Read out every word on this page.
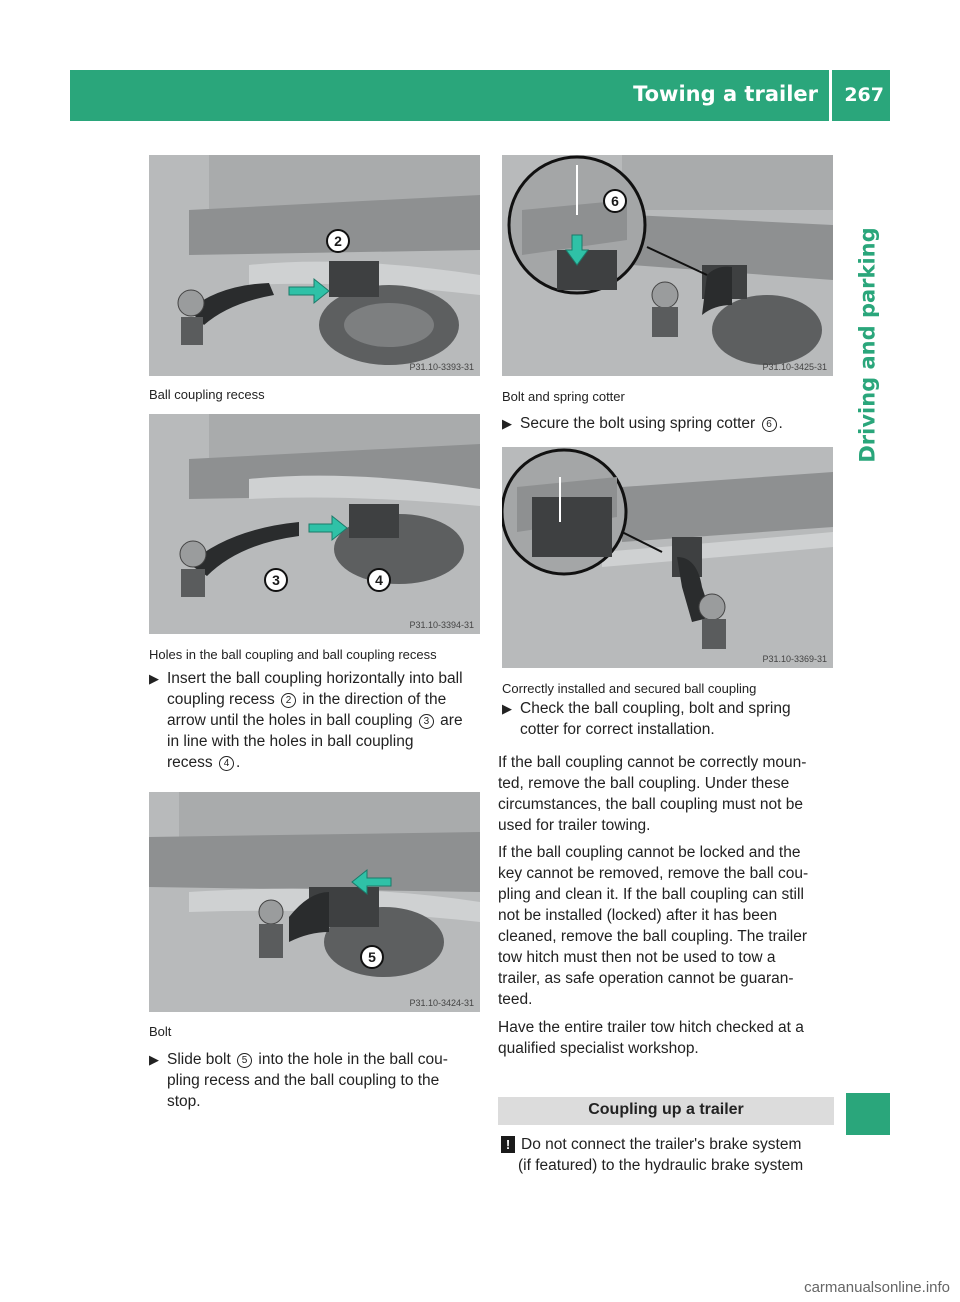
Towing a trailer 267
Driving and parking
P31.10-3393-31
2
Ball coupling recess
P31.10-3394-31
3	4
Holes in the ball coupling and ball coupling recess
▶ Insert the ball coupling horizontally into ball
coupling recess 2 in the direction of the
arrow until the holes in ball coupling 3 are
in line with the holes in ball coupling
recess 4 .
P31.10-3424-31
5
Bolt
▶ Slide bolt 5 into the hole in the ball cou-
pling recess and the ball coupling to the
stop.
P31.10-3425-31
6
Bolt and spring cotter
▶ Secure the bolt using spring cotter 6 .
P31.10-3369-31
Correctly installed and secured ball coupling
▶ Check the ball coupling, bolt and spring
cotter for correct installation.
If the ball coupling cannot be correctly moun-
ted, remove the ball coupling. Under these
circumstances, the ball coupling must not be
used for trailer towing.
If the ball coupling cannot be locked and the
key cannot be removed, remove the ball cou-
pling and clean it. If the ball coupling can still
not be installed (locked) after it has been
cleaned, remove the ball coupling. The trailer
tow hitch must then not be used to tow a
trailer, as safe operation cannot be guaran-
teed.
Have the entire trailer tow hitch checked at a
qualified specialist workshop.
Coupling up a trailer
! Do not connect the trailer's brake system
(if featured) to the hydraulic brake system
carmanualsonline.info
